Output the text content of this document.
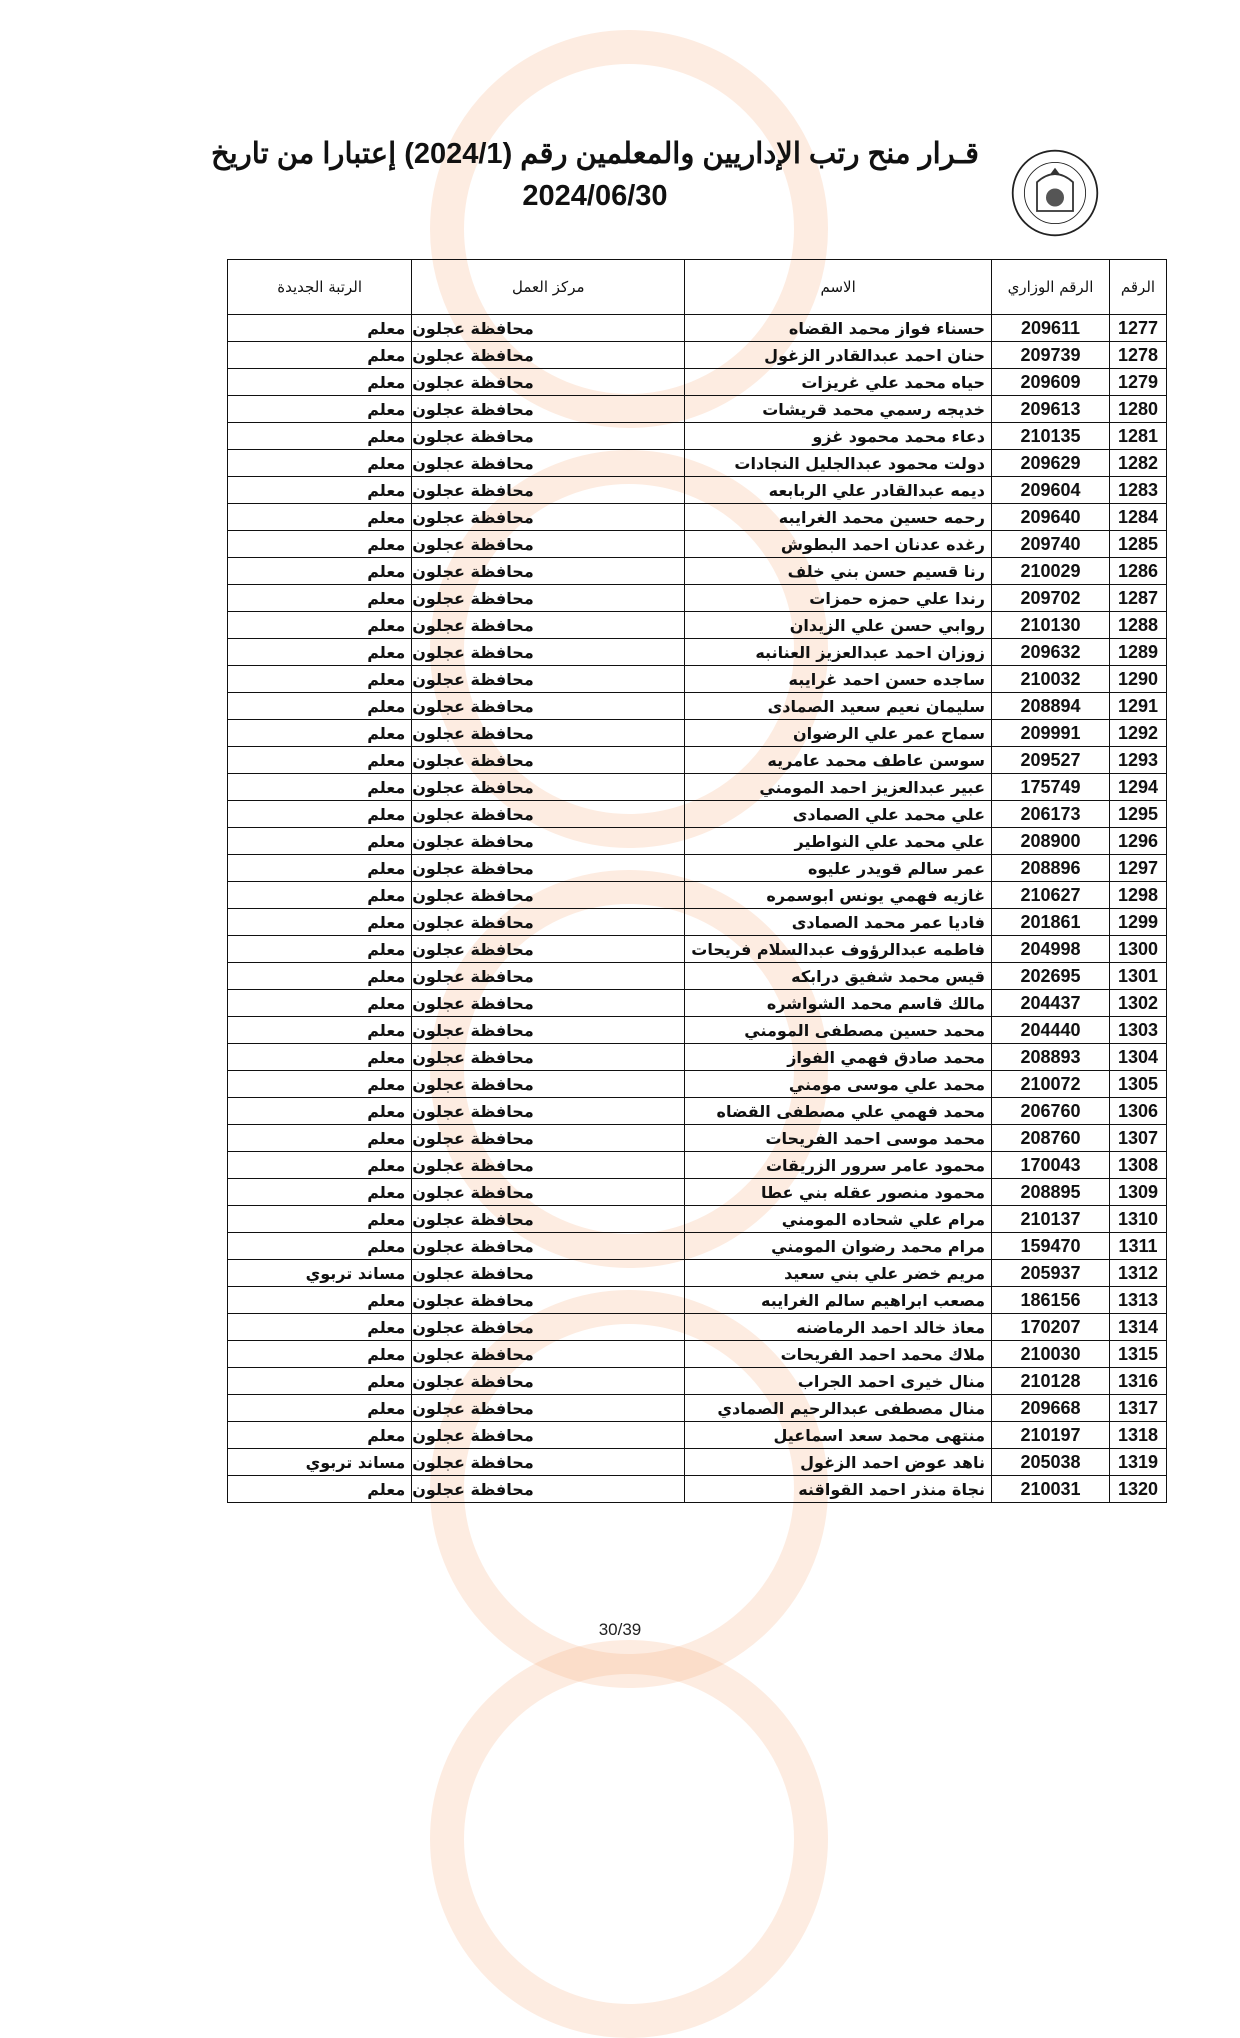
قـرار منح رتب الإداريين والمعلمين رقم (2024/1) إعتبارا من تاريخ
2024/06/30
الرقم	الرقم الوزاري	الاسم	مركز العمل	الرتبة الجديدة
1277	209611	حسناء فواز محمد القضاه	محافظة عجلون	معلم
1278	209739	حنان احمد عبدالقادر الزغول	محافظة عجلون	معلم
1279	209609	حياه محمد علي غريزات	محافظة عجلون	معلم
1280	209613	خديجه رسمي محمد قريشات	محافظة عجلون	معلم
1281	210135	دعاء محمد محمود غزو	محافظة عجلون	معلم
1282	209629	دولت محمود عبدالجليل النجادات	محافظة عجلون	معلم
1283	209604	ديمه عبدالقادر علي الربابعه	محافظة عجلون	معلم
1284	209640	رحمه حسين محمد الغرايبه	محافظة عجلون	معلم
1285	209740	رغده عدنان احمد البطوش	محافظة عجلون	معلم
1286	210029	رنا قسيم حسن بني خلف	محافظة عجلون	معلم
1287	209702	رندا علي حمزه حمزات	محافظة عجلون	معلم
1288	210130	روابي حسن علي الزيدان	محافظة عجلون	معلم
1289	209632	زوزان احمد عبدالعزيز العنانبه	محافظة عجلون	معلم
1290	210032	ساجده حسن احمد غرايبه	محافظة عجلون	معلم
1291	208894	سليمان نعيم سعيد الصمادى	محافظة عجلون	معلم
1292	209991	سماح عمر علي الرضوان	محافظة عجلون	معلم
1293	209527	سوسن عاطف محمد عامريه	محافظة عجلون	معلم
1294	175749	عبير عبدالعزيز احمد المومني	محافظة عجلون	معلم
1295	206173	علي محمد علي الصمادى	محافظة عجلون	معلم
1296	208900	علي محمد علي النواطير	محافظة عجلون	معلم
1297	208896	عمر سالم قويدر عليوه	محافظة عجلون	معلم
1298	210627	غازيه فهمي يونس ابوسمره	محافظة عجلون	معلم
1299	201861	فاديا عمر محمد الصمادى	محافظة عجلون	معلم
1300	204998	فاطمه عبدالرؤوف عبدالسلام فريحات	محافظة عجلون	معلم
1301	202695	قيس محمد شفيق درابكه	محافظة عجلون	معلم
1302	204437	مالك قاسم محمد الشواشره	محافظة عجلون	معلم
1303	204440	محمد حسين مصطفى المومني	محافظة عجلون	معلم
1304	208893	محمد صادق فهمي الفواز	محافظة عجلون	معلم
1305	210072	محمد علي موسى مومني	محافظة عجلون	معلم
1306	206760	محمد فهمي علي مصطفى القضاه	محافظة عجلون	معلم
1307	208760	محمد موسى احمد الفريحات	محافظة عجلون	معلم
1308	170043	محمود عامر سرور الزريقات	محافظة عجلون	معلم
1309	208895	محمود منصور عقله بني عطا	محافظة عجلون	معلم
1310	210137	مرام علي شحاده المومني	محافظة عجلون	معلم
1311	159470	مرام محمد رضوان المومني	محافظة عجلون	معلم
1312	205937	مريم خضر علي بني سعيد	محافظة عجلون	مساند تربوي
1313	186156	مصعب ابراهيم سالم الغرايبه	محافظة عجلون	معلم
1314	170207	معاذ خالد احمد الرماضنه	محافظة عجلون	معلم
1315	210030	ملاك محمد احمد الفريحات	محافظة عجلون	معلم
1316	210128	منال خيرى احمد الجراب	محافظة عجلون	معلم
1317	209668	منال مصطفى عبدالرحيم الصمادي	محافظة عجلون	معلم
1318	210197	منتهى محمد سعد اسماعيل	محافظة عجلون	معلم
1319	205038	ناهد عوض احمد الزغول	محافظة عجلون	مساند تربوي
1320	210031	نجاة منذر احمد القواقنه	محافظة عجلون	معلم
30/39
